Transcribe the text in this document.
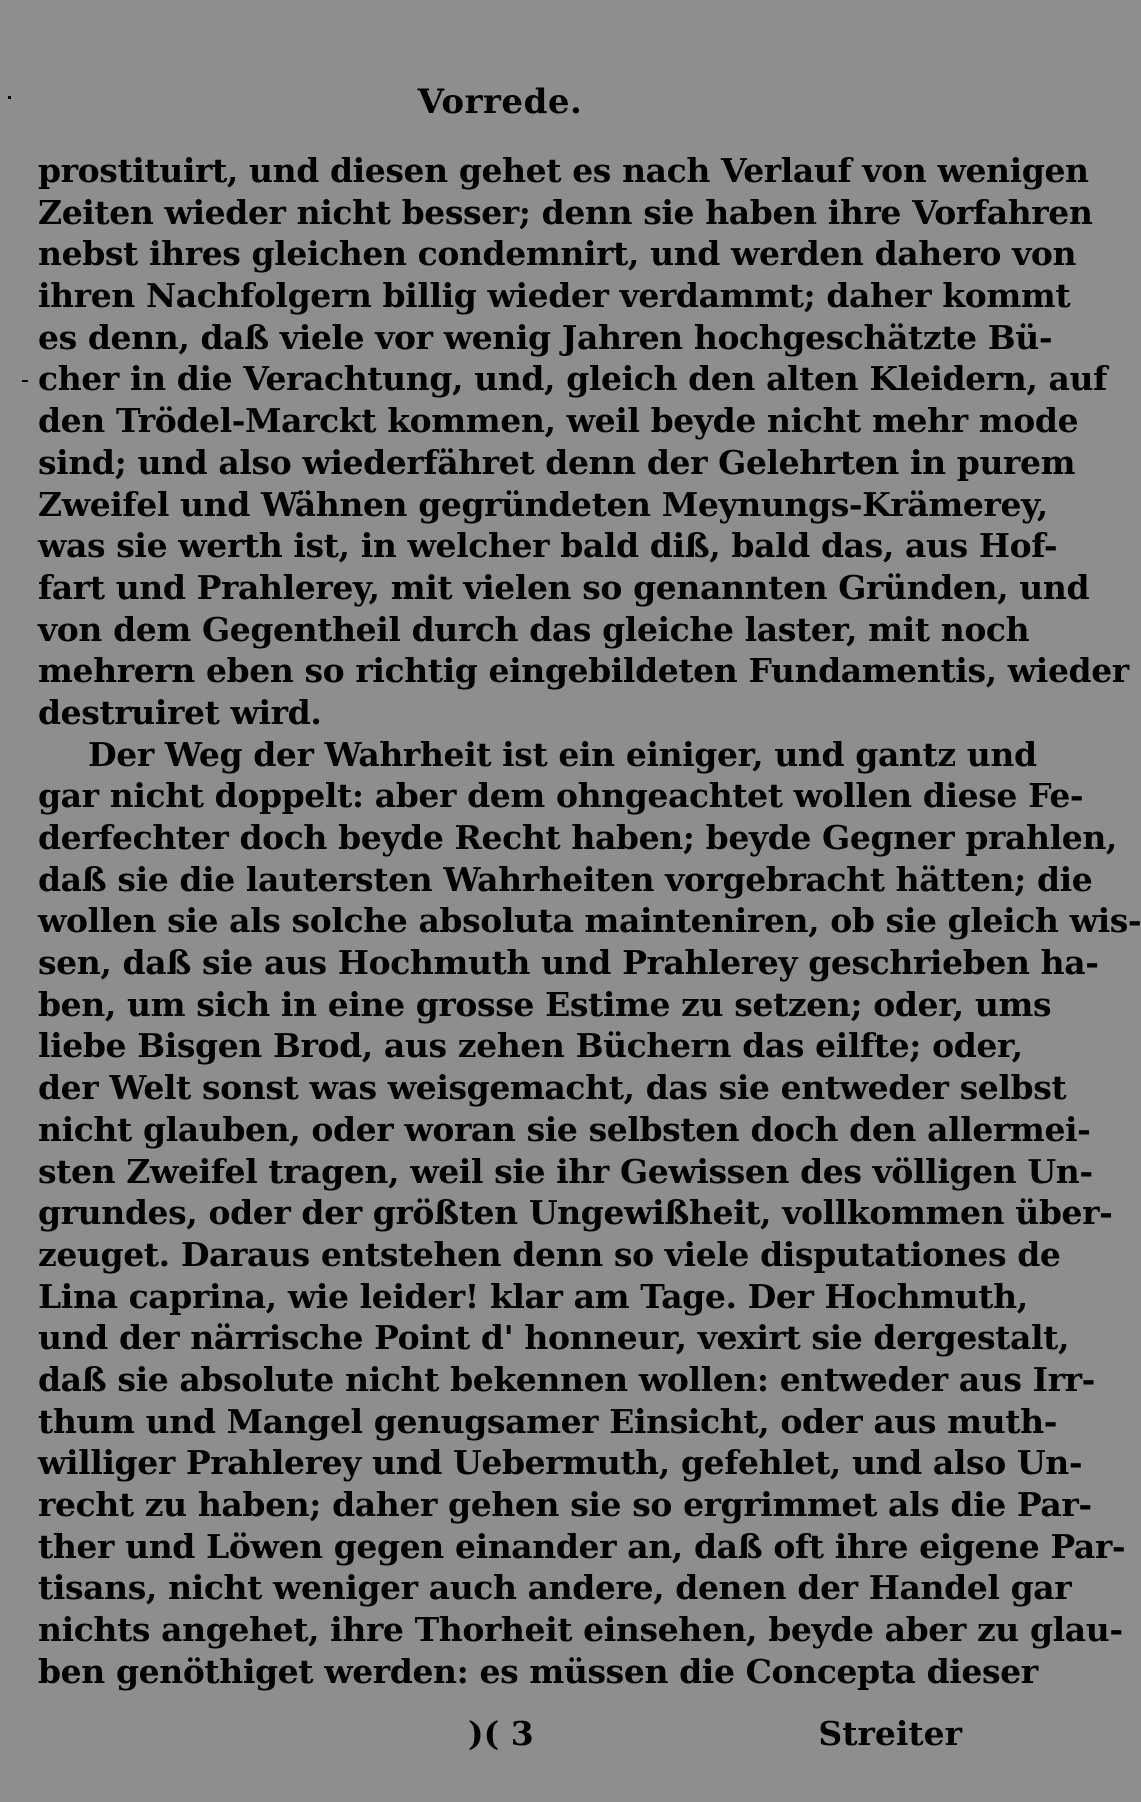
Vorrede.
prostituirt, und diesen gehet es nach Verlauf von wenigen
Zeiten wieder nicht besser; denn sie haben ihre Vorfahren
nebst ihres gleichen condemnirt, und werden dahero von
ihren Nachfolgern billig wieder verdammt; daher kommt
es denn, daß viele vor wenig Jahren hochgeschätzte Bü-
cher in die Verachtung, und, gleich den alten Kleidern, auf
den Trödel-Marckt kommen, weil beyde nicht mehr mode
sind; und also wiederfähret denn der Gelehrten in purem
Zweifel und Wähnen gegründeten Meynungs-Krämerey,
was sie werth ist, in welcher bald diß, bald das, aus Hof-
fart und Prahlerey, mit vielen so genannten Gründen, und
von dem Gegentheil durch das gleiche laster, mit noch
mehrern eben so richtig eingebildeten Fundamentis, wieder
destruiret wird.
Der Weg der Wahrheit ist ein einiger, und gantz und
gar nicht doppelt: aber dem ohngeachtet wollen diese Fe-
derfechter doch beyde Recht haben; beyde Gegner prahlen,
daß sie die lautersten Wahrheiten vorgebracht hätten; die
wollen sie als solche absoluta mainteniren, ob sie gleich wis-
sen, daß sie aus Hochmuth und Prahlerey geschrieben ha-
ben, um sich in eine grosse Estime zu setzen; oder, ums
liebe Bisgen Brod, aus zehen Büchern das eilfte; oder,
der Welt sonst was weisgemacht, das sie entweder selbst
nicht glauben, oder woran sie selbsten doch den allermei-
sten Zweifel tragen, weil sie ihr Gewissen des völligen Un-
grundes, oder der größten Ungewißheit, vollkommen über-
zeuget. Daraus entstehen denn so viele disputationes de
Lina caprina, wie leider! klar am Tage. Der Hochmuth,
und der närrische Point d' honneur, vexirt sie dergestalt,
daß sie absolute nicht bekennen wollen: entweder aus Irr-
thum und Mangel genugsamer Einsicht, oder aus muth-
williger Prahlerey und Uebermuth, gefehlet, und also Un-
recht zu haben; daher gehen sie so ergrimmet als die Par-
ther und Löwen gegen einander an, daß oft ihre eigene Par-
tisans, nicht weniger auch andere, denen der Handel gar
nichts angehet, ihre Thorheit einsehen, beyde aber zu glau-
ben genöthiget werden: es müssen die Concepta dieser
)( 3	Streiter
